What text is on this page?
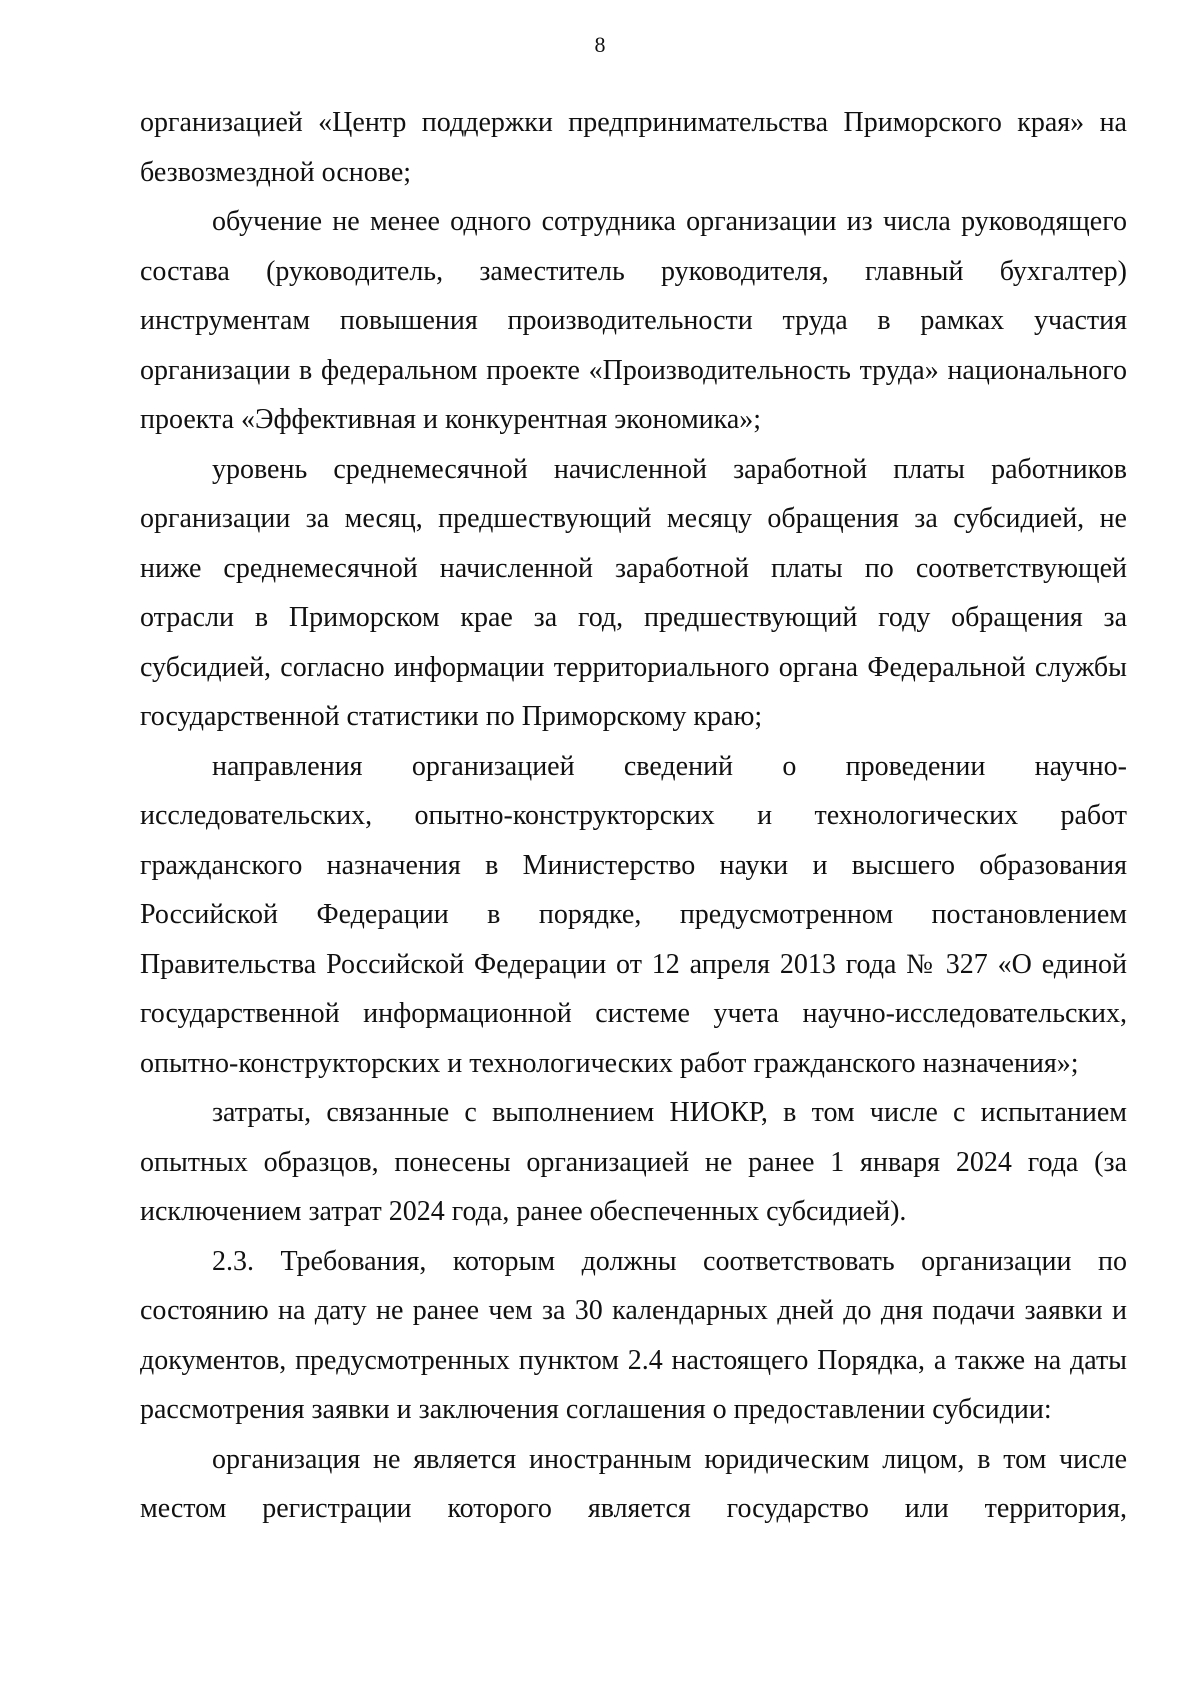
8

организацией «Центр поддержки предпринимательства Приморского края» на безвозмездной основе;

обучение не менее одного сотрудника организации из числа руководящего состава (руководитель, заместитель руководителя, главный бухгалтер) инструментам повышения производительности труда в рамках участия организации в федеральном проекте «Производительность труда» национального проекта «Эффективная и конкурентная экономика»;

уровень среднемесячной начисленной заработной платы работников организации за месяц, предшествующий месяцу обращения за субсидией, не ниже среднемесячной начисленной заработной платы по соответствующей отрасли в Приморском крае за год, предшествующий году обращения за субсидией, согласно информации территориального органа Федеральной службы государственной статистики по Приморскому краю;

направления организацией сведений о проведении научно-исследовательских, опытно-конструкторских и технологических работ гражданского назначения в Министерство науки и высшего образования Российской Федерации в порядке, предусмотренном постановлением Правительства Российской Федерации от 12 апреля 2013 года № 327 «О единой государственной информационной системе учета научно-исследовательских, опытно-конструкторских и технологических работ гражданского назначения»;

затраты, связанные с выполнением НИОКР, в том числе с испытанием опытных образцов, понесены организацией не ранее 1 января 2024 года (за исключением затрат 2024 года, ранее обеспеченных субсидией).

2.3. Требования, которым должны соответствовать организации по состоянию на дату не ранее чем за 30 календарных дней до дня подачи заявки и документов, предусмотренных пунктом 2.4 настоящего Порядка, а также на даты рассмотрения заявки и заключения соглашения о предоставлении субсидии:

организация не является иностранным юридическим лицом, в том числе местом регистрации которого является государство или территория,
